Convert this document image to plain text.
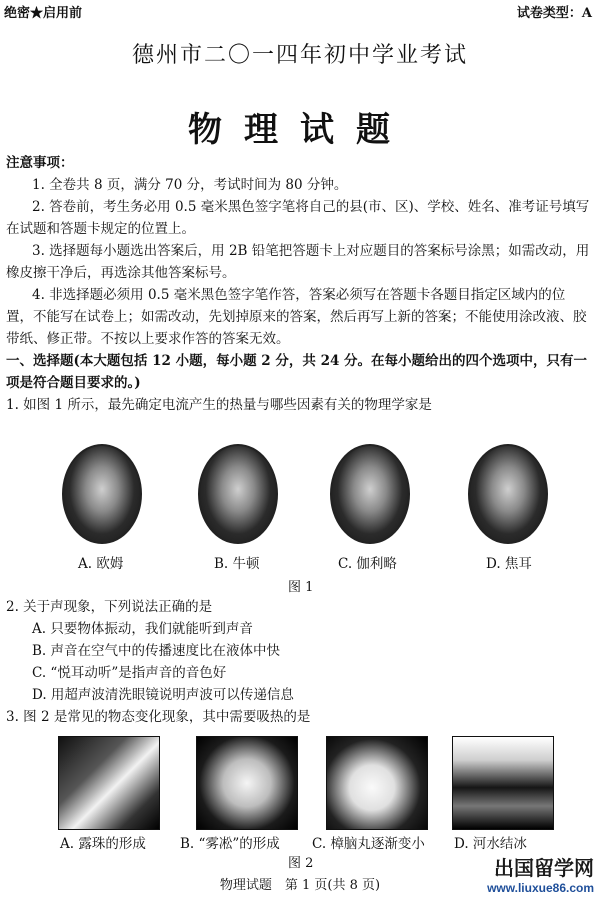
绝密★启用前	试卷类型：A
德州市二〇一四年初中学业考试
物理试题

注意事项：

1. 全卷共 8 页，满分 70 分，考试时间为 80 分钟。

2. 答卷前，考生务必用 0.5 毫米黑色签字笔将自己的县(市、区)、学校、姓名、准考证号填写在试题和答题卡规定的位置上。

3. 选择题每小题选出答案后，用 2B 铅笔把答题卡上对应题目的答案标号涂黑；如需改动，用橡皮擦干净后，再选涂其他答案标号。

4. 非选择题必须用 0.5 毫米黑色签字笔作答，答案必须写在答题卡各题目指定区域内的位置，不能写在试卷上；如需改动，先划掉原来的答案，然后再写上新的答案；不能使用涂改液、胶带纸、修正带。不按以上要求作答的答案无效。

一、选择题(本大题包括 12 小题，每小题 2 分，共 24 分。在每小题给出的四个选项中，只有一项是符合题目要求的。)

1. 如图 1 所示，最先确定电流产生的热量与哪些因素有关的物理学家是

A. 欧姆	B. 牛顿	C. 伽利略	D. 焦耳
图 1

2. 关于声现象，下列说法正确的是

A. 只要物体振动，我们就能听到声音

B. 声音在空气中的传播速度比在液体中快

C. “悦耳动听”是指声音的音色好

D. 用超声波清洗眼镜说明声波可以传递信息

3. 图 2 是常见的物态变化现象，其中需要吸热的是

A. 露珠的形成	B. “雾凇”的形成 C. 樟脑丸逐渐变小 D. 河水结冰
图 2
物理试题　第 1 页(共 8 页)
出国留学网
www.liuxue86.com
